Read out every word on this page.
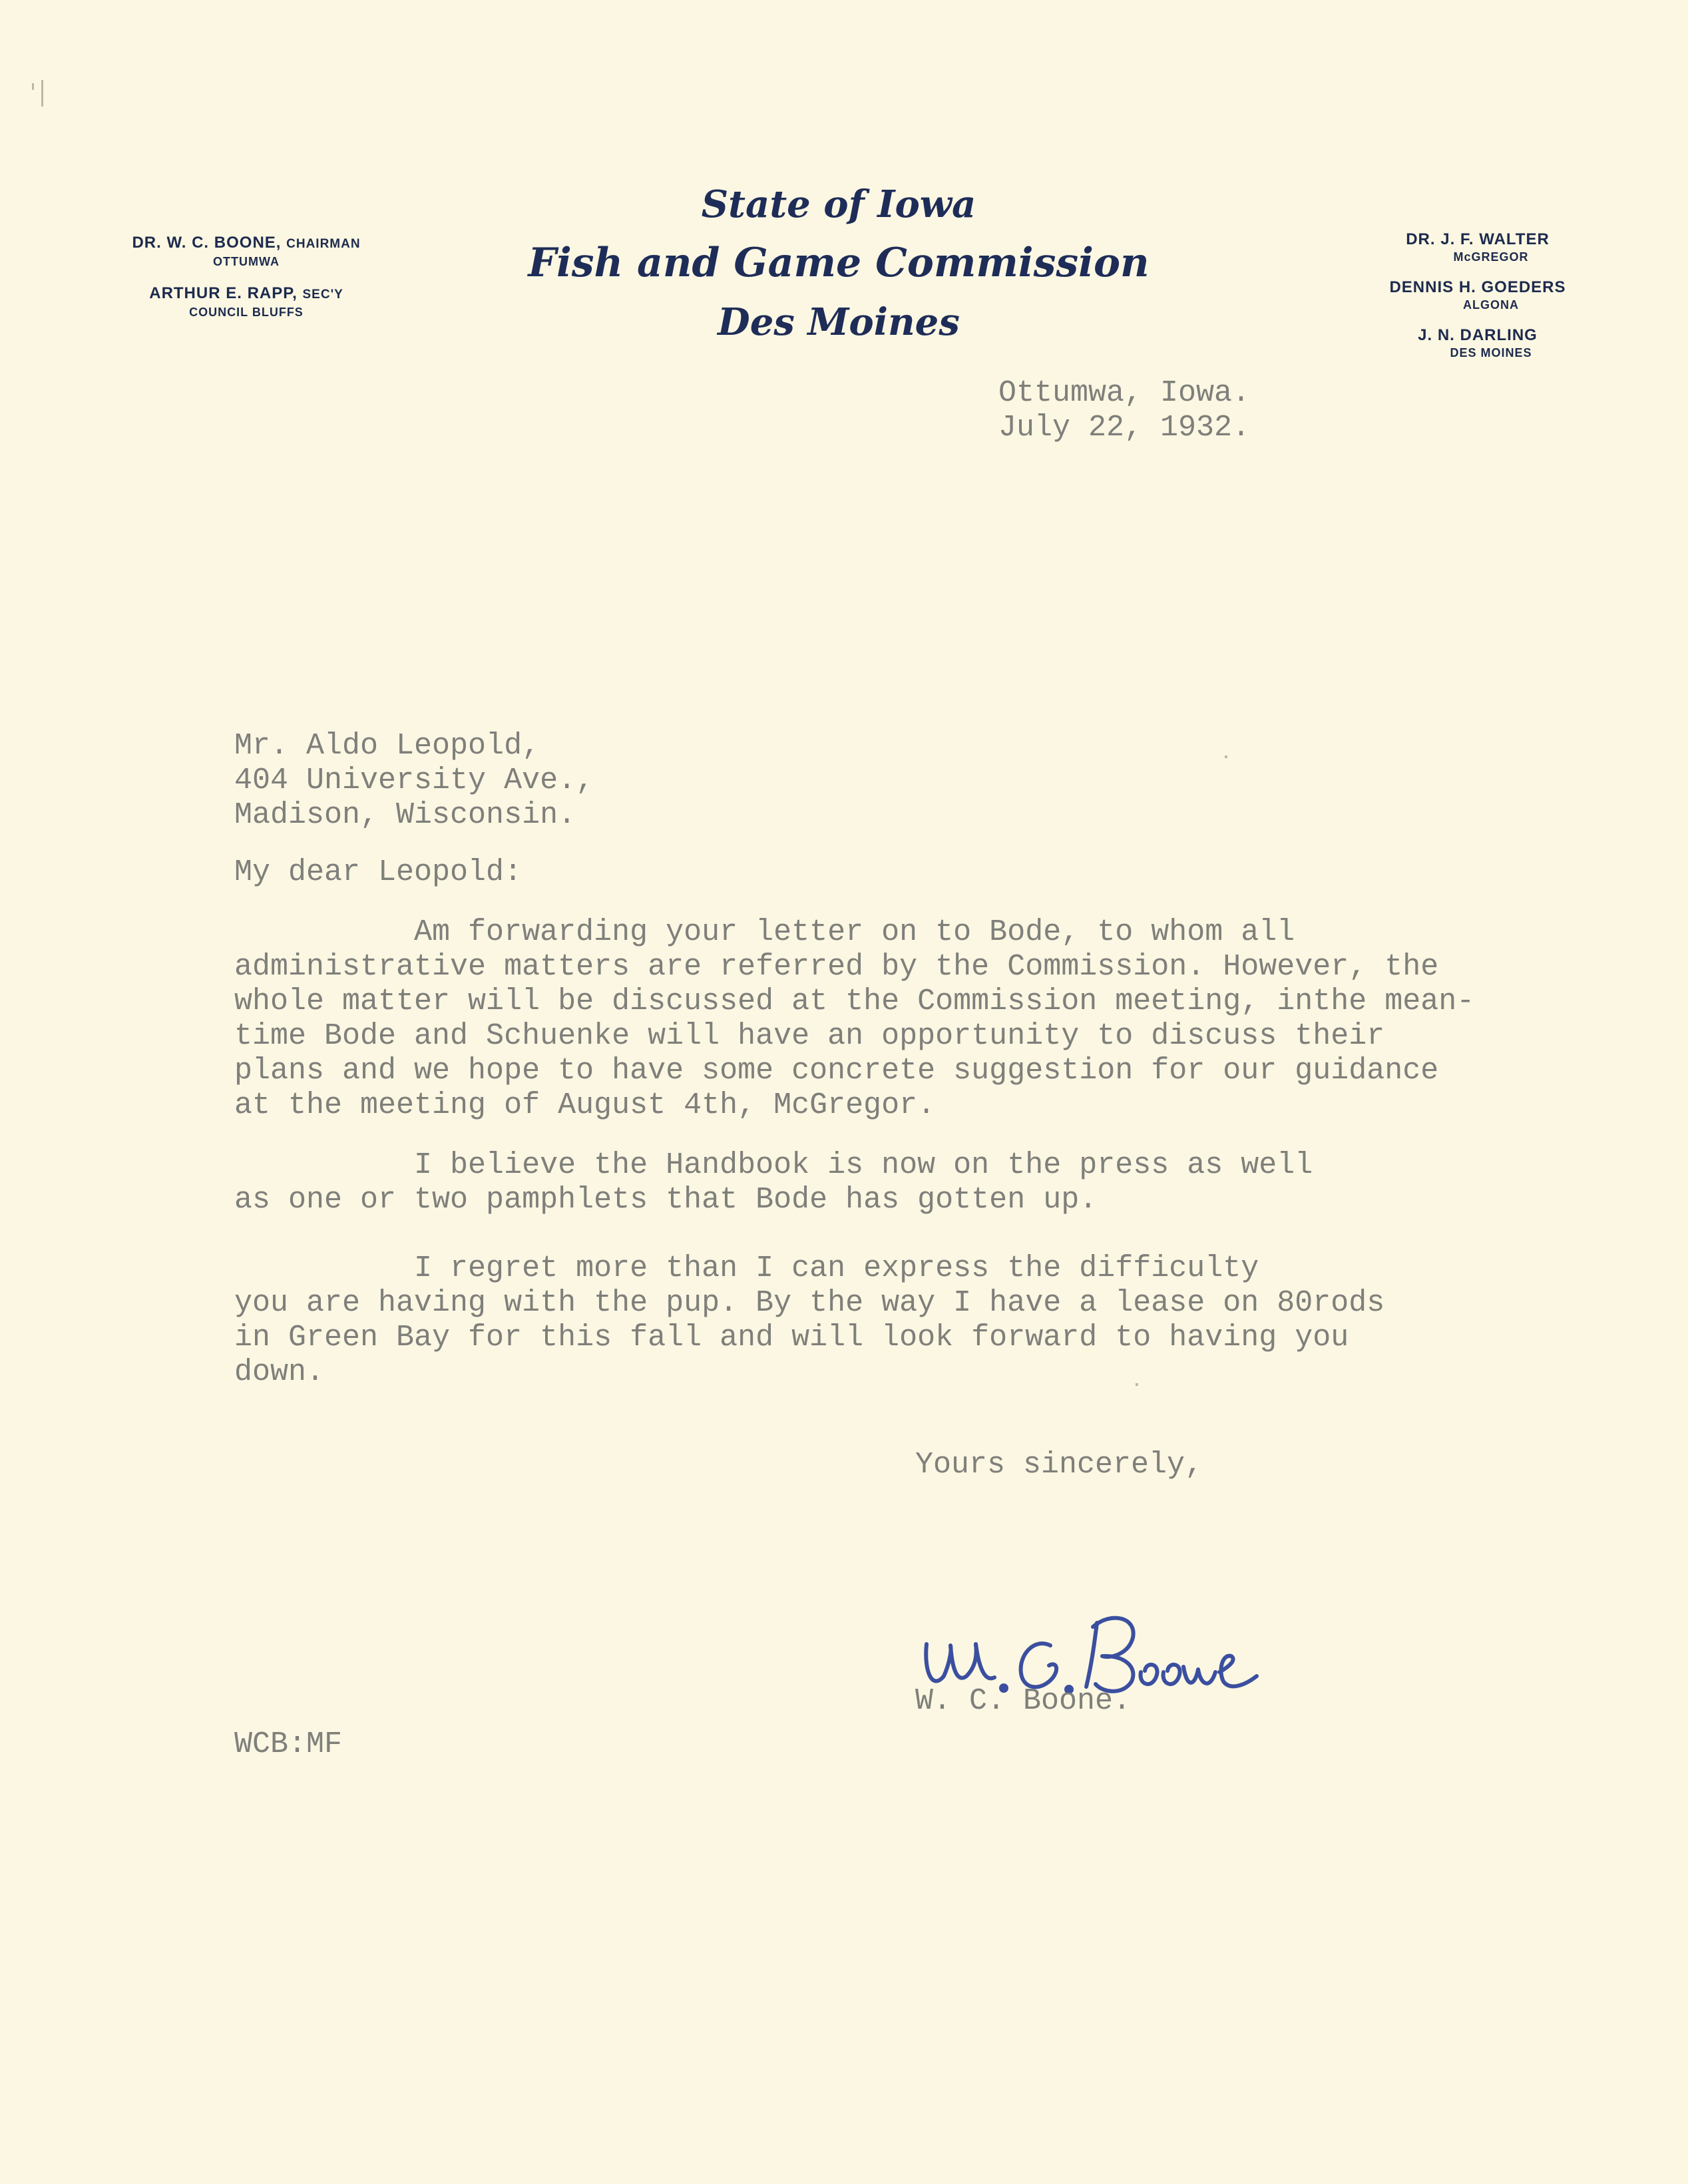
DR. W. C. BOONE, CHAIRMAN
OTTUMWA
ARTHUR E. RAPP, SEC'Y
COUNCIL BLUFFS
State of Iowa
Fish and Game Commission
Des Moines
DR. J. F. WALTER
McGREGOR
DENNIS H. GOEDERS
ALGONA
J. N. DARLING
DES MOINES
Ottumwa, Iowa.
July 22, 1932.
Mr. Aldo Leopold,
404 University Ave.,
Madison, Wisconsin.
My dear Leopold:
Am forwarding your letter on to Bode, to whom all
administrative matters are referred by the Commission. However, the
whole matter will be discussed at the Commission meeting, inthe mean-
time Bode and Schuenke will have an opportunity to discuss their
plans and we hope to have some concrete suggestion for our guidance
at the meeting of August 4th, McGregor.
I believe the Handbook is now on the press as well
as one or two pamphlets that Bode has gotten up.
I regret more than I can express the difficulty
you are having with the pup. By the way I have a lease on 80rods
in Green Bay for this fall and will look forward to having you
down.
Yours sincerely,
W. C. Boone.
WCB:MF
